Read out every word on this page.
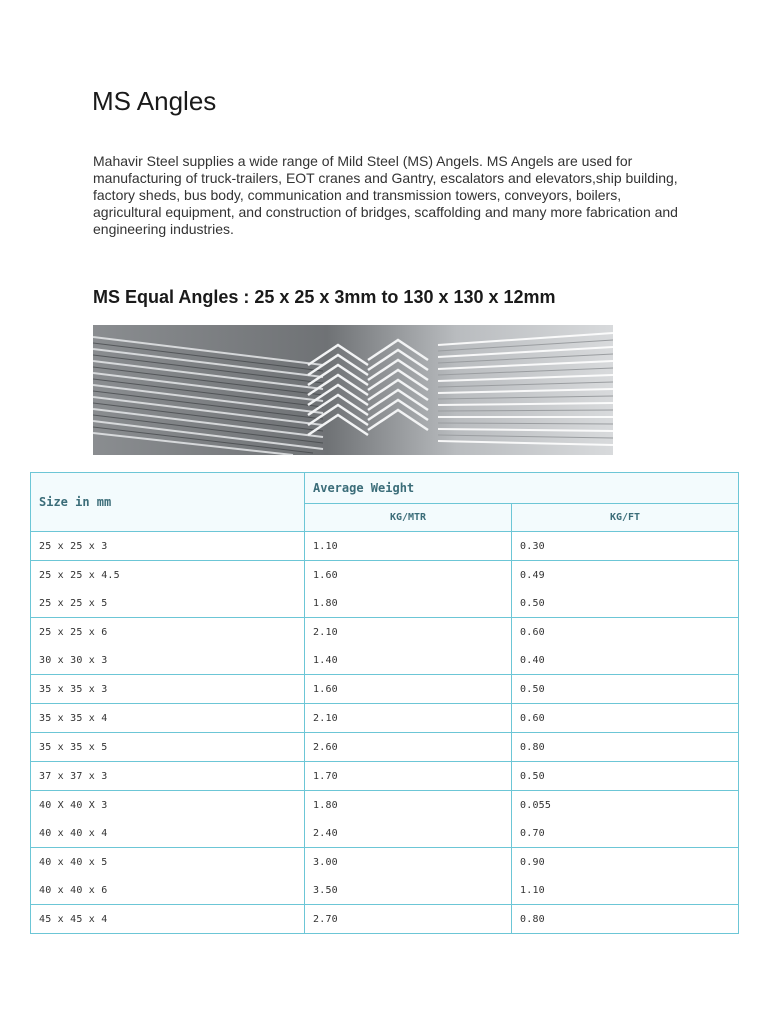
MS Angles

Mahavir Steel supplies a wide range of Mild Steel (MS) Angels. MS Angels are used for manufacturing of truck-trailers, EOT cranes and Gantry, escalators and elevators,ship building, factory sheds, bus body, communication and transmission towers, conveyors, boilers, agricultural equipment, and construction of bridges, scaffolding and many more fabrication and engineering industries.

MS Equal Angles : 25 x 25 x 3mm to 130 x 130 x 12mm
Size in mm	Average Weight	
	KG/MTR	KG/FT
25 x 25 x 3	1.10	0.30
25 x 25 x 4.5	1.60	0.49
25 x 25 x 5	1.80	0.50
25 x 25 x 6	2.10	0.60
30 x 30 x 3	1.40	0.40
35 x 35 x 3	1.60	0.50
35 x 35 x 4	2.10	0.60
35 x 35 x 5	2.60	0.80
37 x 37 x 3	1.70	0.50
40 X 40 X 3	1.80	0.055
40 x 40 x 4	2.40	0.70
40 x 40 x 5	3.00	0.90
40 x 40 x 6	3.50	1.10
45 x 45 x 4	2.70	0.80
